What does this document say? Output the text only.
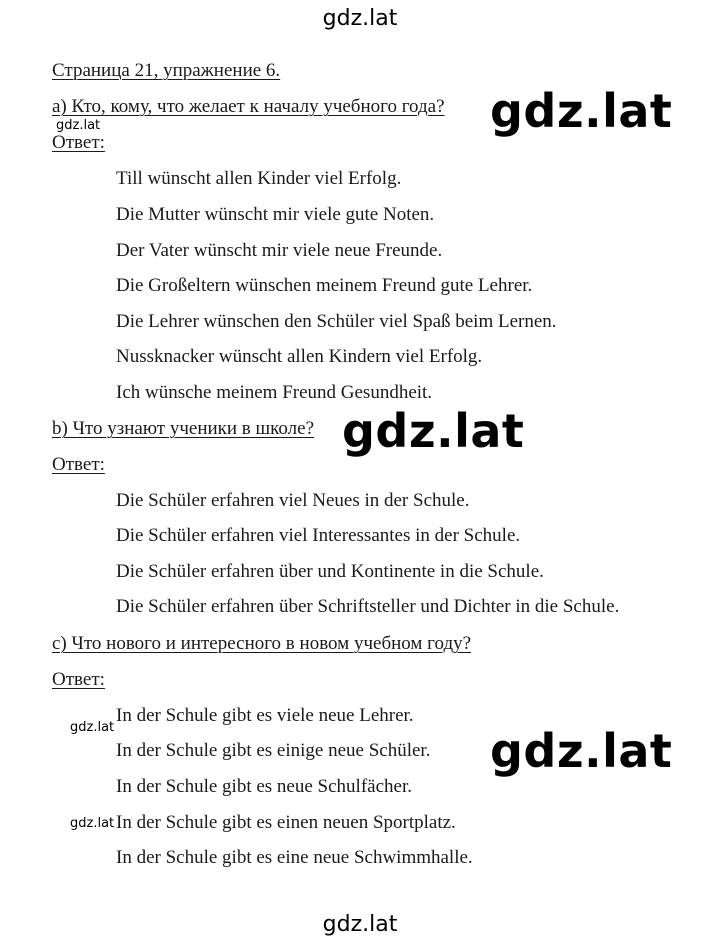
gdz.lat
Страница 21, упражнение 6.
а) Кто, кому, что желает к началу учебного года? gdz.lat
gdz.lat
Ответ:
Till wünscht allen Kinder viel Erfolg.
Die Mutter wünscht mir viele gute Noten.
Der Vater wünscht mir viele neue Freunde.
Die Großeltern wünschen meinem Freund gute Lehrer.
Die Lehrer wünschen den Schüler viel Spaß beim Lernen.
Nussknacker wünscht allen Kindern viel Erfolg.
Ich wünsche meinem Freund Gesundheit.
b) Что узнают ученики в школе? gdz.lat
Ответ:
Die Schüler erfahren viel Neues in der Schule.
Die Schüler erfahren viel Interessantes in der Schule.
Die Schüler erfahren über und Kontinente in die Schule.
Die Schüler erfahren über Schriftsteller und Dichter in die Schule.
c) Что нового и интересного в новом учебном году?
Ответ:
gdz.lat
In der Schule gibt es viele neue Lehrer.
In der Schule gibt es einige neue Schüler. gdz.lat
In der Schule gibt es neue Schulfächer.
gdz.lat In der Schule gibt es einen neuen Sportplatz.
In der Schule gibt es eine neue Schwimmhalle.
gdz.lat
